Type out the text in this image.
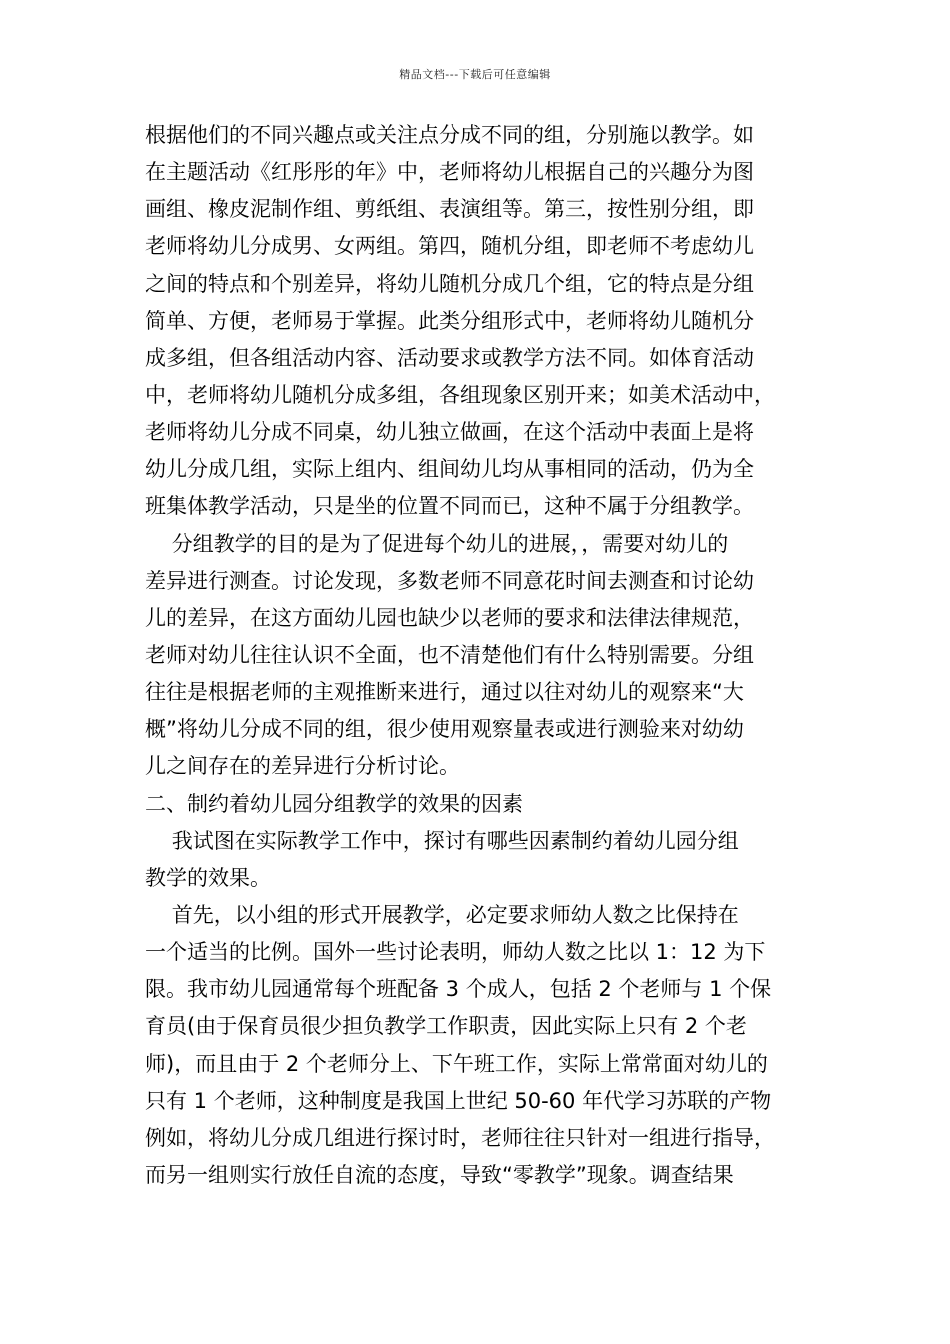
精品文档---下载后可任意编辑
根据他们的不同兴趣点或关注点分成不同的组，分别施以教学。如
在主题活动《红彤彤的年》中，老师将幼儿根据自己的兴趣分为图
画组、橡皮泥制作组、剪纸组、表演组等。第三，按性别分组，即
老师将幼儿分成男、女两组。第四，随机分组，即老师不考虑幼儿
之间的特点和个别差异，将幼儿随机分成几个组，它的特点是分组
简单、方便，老师易于掌握。此类分组形式中，老师将幼儿随机分
成多组，但各组活动内容、活动要求或教学方法不同。如体育活动
中，老师将幼儿随机分成多组，各组现象区别开来；如美术活动中，
老师将幼儿分成不同桌，幼儿独立做画，在这个活动中表面上是将
幼儿分成几组，实际上组内、组间幼儿均从事相同的活动，仍为全
班集体教学活动，只是坐的位置不同而已，这种不属于分组教学。
分组教学的目的是为了促进每个幼儿的进展，，需要对幼儿的
差异进行测查。讨论发现，多数老师不同意花时间去测查和讨论幼
儿的差异，在这方面幼儿园也缺少以老师的要求和法律法律规范，
老师对幼儿往往认识不全面，也不清楚他们有什么特别需要。分组
往往是根据老师的主观推断来进行，通过以往对幼儿的观察来“大
概”将幼儿分成不同的组，很少使用观察量表或进行测验来对幼幼
儿之间存在的差异进行分析讨论。
二、制约着幼儿园分组教学的效果的因素
我试图在实际教学工作中，探讨有哪些因素制约着幼儿园分组
教学的效果。
首先，以小组的形式开展教学，必定要求师幼人数之比保持在
一个适当的比例。国外一些讨论表明，师幼人数之比以 1：12 为下
限。我市幼儿园通常每个班配备 3 个成人，包括 2 个老师与 1 个保
育员(由于保育员很少担负教学工作职责，因此实际上只有 2 个老
师)，而且由于 2 个老师分上、下午班工作，实际上常常面对幼儿的
只有 1 个老师，这种制度是我国上世纪 50-60 年代学习苏联的产物
例如，将幼儿分成几组进行探讨时，老师往往只针对一组进行指导，
而另一组则实行放任自流的态度，导致“零教学”现象。调查结果
